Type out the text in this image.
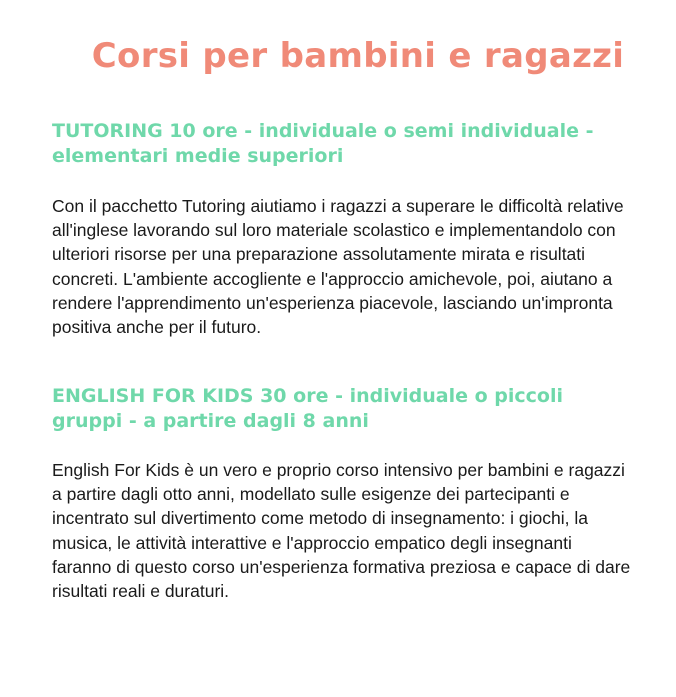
Corsi per bambini e ragazzi
TUTORING 10 ore - individuale o semi individuale - elementari medie superiori

Con il pacchetto Tutoring aiutiamo i ragazzi a superare le difficoltà relative all'inglese lavorando sul loro materiale scolastico e implementandolo con ulteriori risorse per una preparazione assolutamente mirata e risultati concreti. L'ambiente accogliente e l'approccio amichevole, poi, aiutano a rendere l'apprendimento un'esperienza piacevole, lasciando un'impronta positiva anche per il futuro.

ENGLISH FOR KIDS 30 ore - individuale o piccoli gruppi - a partire dagli 8 anni

English For Kids è un vero e proprio corso intensivo per bambini e ragazzi a partire dagli otto anni, modellato sulle esigenze dei partecipanti e incentrato sul divertimento come metodo di insegnamento: i giochi, la musica, le attività interattive e l'approccio empatico degli insegnanti faranno di questo corso un'esperienza formativa preziosa e capace di dare risultati reali e duraturi.
